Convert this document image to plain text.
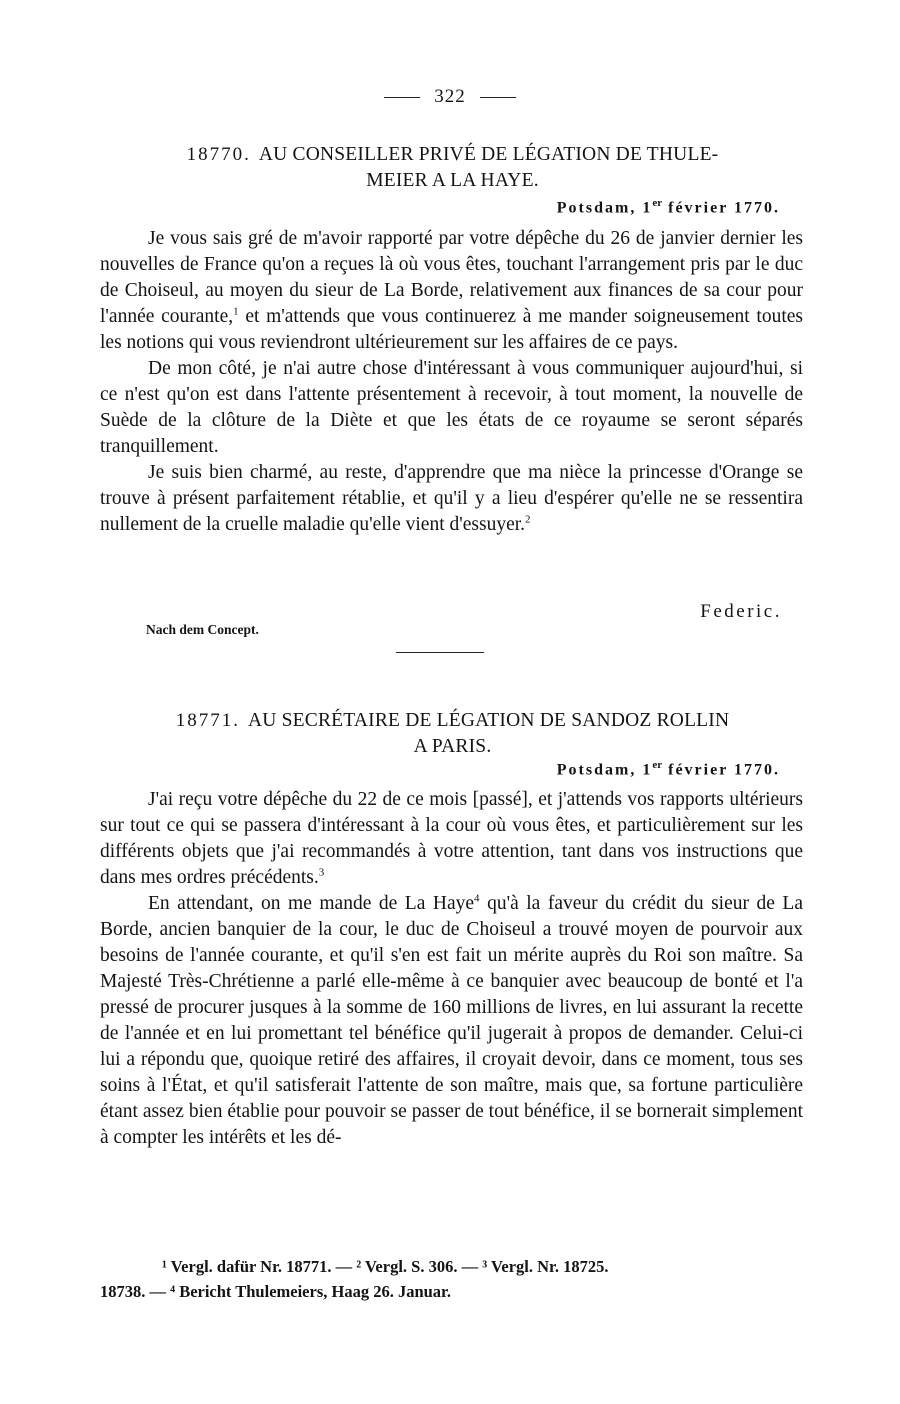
322
18770. AU CONSEILLER PRIVÉ DE LÉGATION DE THULE-
MEIER A LA HAYE.
Potsdam, 1er février 1770.

Je vous sais gré de m'avoir rapporté par votre dépêche du 26 de janvier dernier les nouvelles de France qu'on a reçues là où vous êtes, touchant l'arrangement pris par le duc de Choiseul, au moyen du sieur de La Borde, relativement aux finances de sa cour pour l'année courante,$^1$ et m'attends que vous continuerez à me mander soigneusement toutes les notions qui vous reviendront ultérieurement sur les affaires de ce pays.

De mon côté, je n'ai autre chose d'intéressant à vous communiquer aujourd'hui, si ce n'est qu'on est dans l'attente présentement à recevoir, à tout moment, la nouvelle de Suède de la clôture de la Diète et que les états de ce royaume se seront séparés tranquillement.

Je suis bien charmé, au reste, d'apprendre que ma nièce la princesse d'Orange se trouve à présent parfaitement rétablie, et qu'il y a lieu d'espérer qu'elle ne se ressentira nullement de la cruelle maladie qu'elle vient d'essuyer.$^2$

Federic.
Nach dem Concept.
18771. AU SECRÉTAIRE DE LÉGATION DE SANDOZ ROLLIN
A PARIS.
Potsdam, 1er février 1770.

J'ai reçu votre dépêche du 22 de ce mois [passé], et j'attends vos rapports ultérieurs sur tout ce qui se passera d'intéressant à la cour où vous êtes, et particulièrement sur les différents objets que j'ai recommandés à votre attention, tant dans vos instructions que dans mes ordres précédents.$^3$

En attendant, on me mande de La Haye$^4$ qu'à la faveur du crédit du sieur de La Borde, ancien banquier de la cour, le duc de Choiseul a trouvé moyen de pourvoir aux besoins de l'année courante, et qu'il s'en est fait un mérite auprès du Roi son maître. Sa Majesté Très-Chrétienne a parlé elle-même à ce banquier avec beaucoup de bonté et l'a pressé de procurer jusques à la somme de 160 millions de livres, en lui assurant la recette de l'année et en lui promettant tel bénéfice qu'il jugerait à propos de demander. Celui-ci lui a répondu que, quoique retiré des affaires, il croyait devoir, dans ce moment, tous ses soins à l'État, et qu'il satisferait l'attente de son maître, mais que, sa fortune particulière étant assez bien établie pour pouvoir se passer de tout bénéfice, il se bornerait simplement à compter les intérêts et les dé-

¹ Vergl. dafür Nr. 18771. — ² Vergl. S. 306. — ³ Vergl. Nr. 18725.
18738. — ⁴ Bericht Thulemeiers, Haag 26. Januar.
